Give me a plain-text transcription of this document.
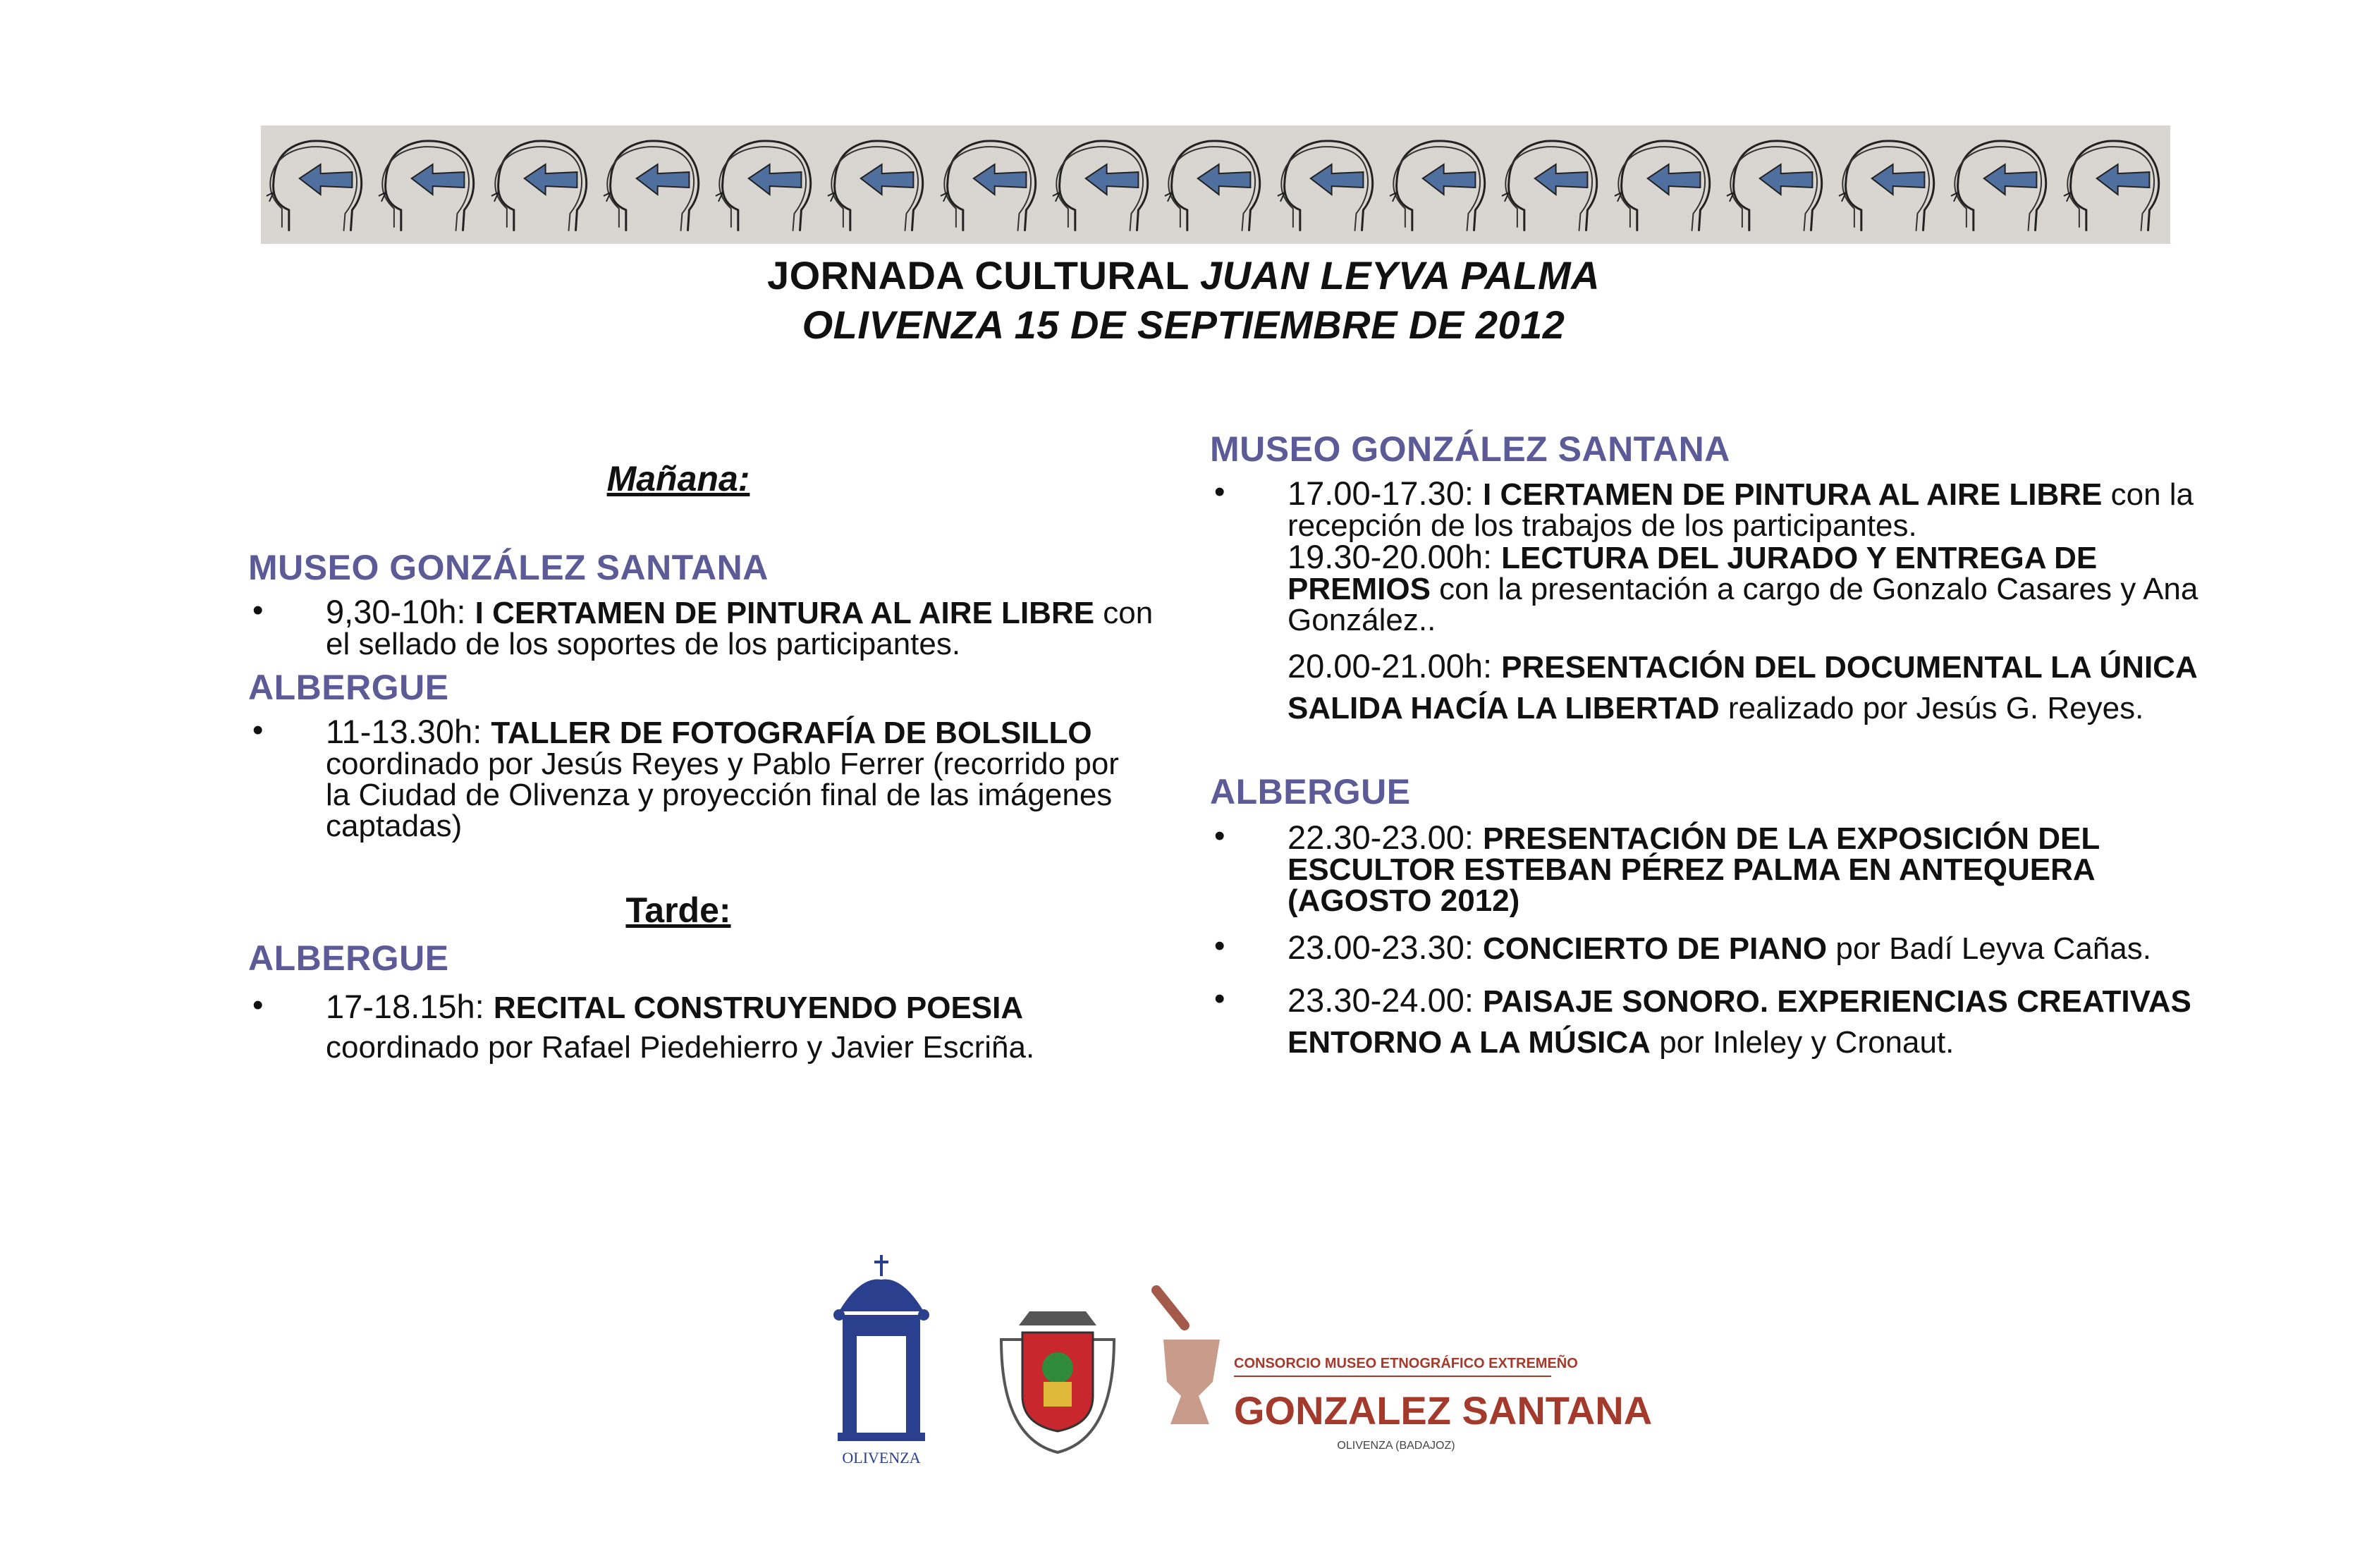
JORNADA CULTURAL JUAN LEYVA PALMA
OLIVENZA 15 DE SEPTIEMBRE DE 2012
Mañana:
MUSEO GONZÁLEZ SANTANA
• 9,30-10h: I CERTAMEN DE PINTURA AL AIRE LIBRE con el sellado de los soportes de los participantes.
ALBERGUE
• 11-13.30h: TALLER DE FOTOGRAFÍA DE BOLSILLO coordinado por Jesús Reyes y Pablo Ferrer (recorrido por la Ciudad de Olivenza y proyección final de las imágenes captadas)
Tarde:
ALBERGUE
• 17-18.15h: RECITAL CONSTRUYENDO POESIA coordinado por Rafael Piedehierro y Javier Escriña.
MUSEO GONZÁLEZ SANTANA
• 17.00-17.30: I CERTAMEN DE PINTURA AL AIRE LIBRE con la recepción de los trabajos de los participantes.
19.30-20.00h: LECTURA DEL JURADO Y ENTREGA DE PREMIOS con la presentación a cargo de Gonzalo Casares y Ana González..
20.00-21.00h: PRESENTACIÓN DEL DOCUMENTAL LA ÚNICA SALIDA HACÍA LA LIBERTAD realizado por Jesús G. Reyes.
ALBERGUE
• 22.30-23.00: PRESENTACIÓN DE LA EXPOSICIÓN DEL ESCULTOR ESTEBAN PÉREZ PALMA EN ANTEQUERA (AGOSTO 2012)
• 23.00-23.30: CONCIERTO DE PIANO por Badí Leyva Cañas.
• 23.30-24.00: PAISAJE SONORO. EXPERIENCIAS CREATIVAS ENTORNO A LA MÚSICA por Inleley y Cronaut.
OLIVENZA
CONSORCIO MUSEO ETNOGRÁFICO EXTREMEÑO
GONZALEZ SANTANA
OLIVENZA (BADAJOZ)
